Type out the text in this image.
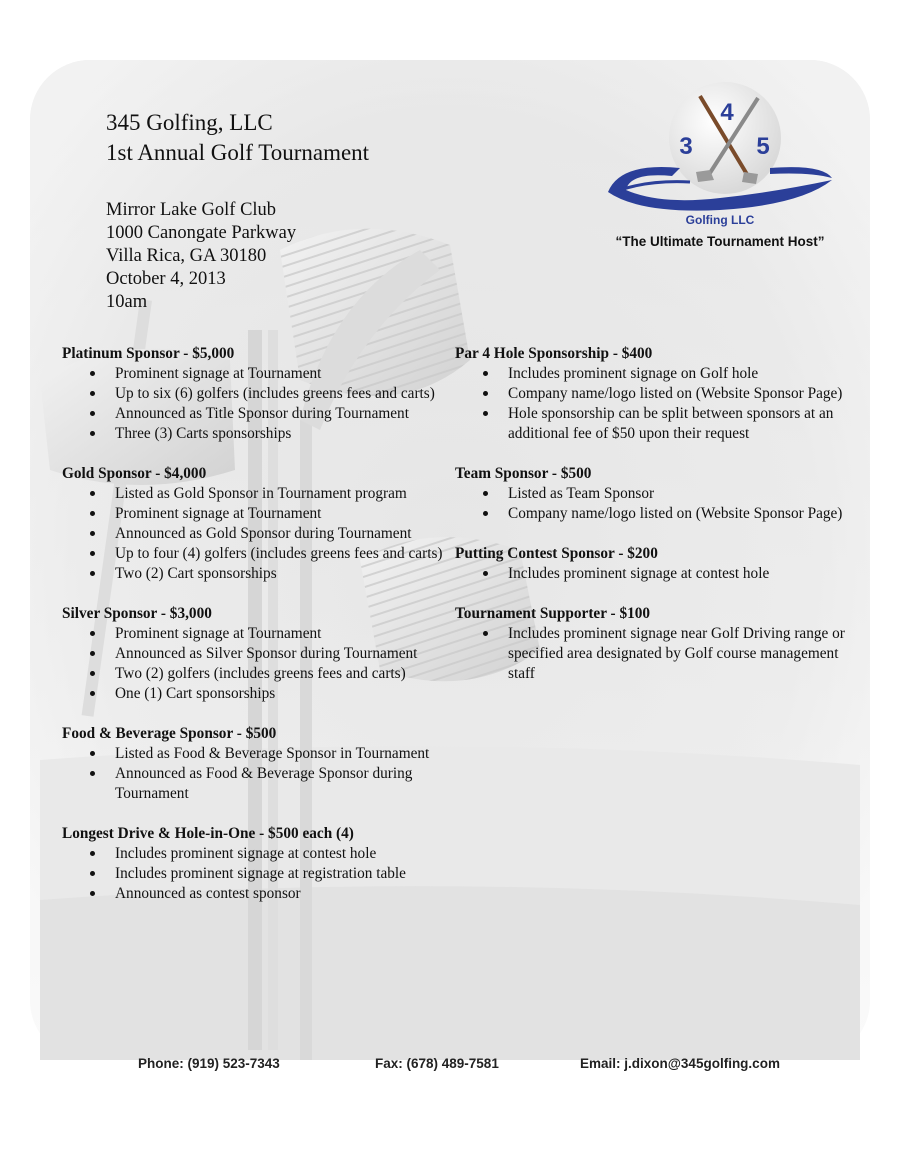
345 Golfing, LLC
1st Annual Golf Tournament
Mirror Lake Golf Club
1000 Canongate Parkway
Villa Rica, GA 30180
October 4, 2013
10am
4
3	5
Golfing LLC
“The Ultimate Tournament Host”
Platinum Sponsor - $5,000
Prominent signage at Tournament
Up to six (6) golfers (includes greens fees and carts)
Announced as Title Sponsor during Tournament
Three (3) Carts sponsorships
Gold Sponsor - $4,000
Listed as Gold Sponsor in Tournament program
Prominent signage at Tournament
Announced as Gold Sponsor during Tournament
Up to four (4) golfers (includes greens fees and carts)
Two (2) Cart sponsorships
Silver Sponsor - $3,000
Prominent signage at Tournament
Announced as Silver Sponsor during Tournament
Two (2) golfers (includes greens fees and carts)
One (1) Cart sponsorships
Food & Beverage Sponsor - $500
Listed as Food & Beverage Sponsor in Tournament
Announced as Food & Beverage Sponsor during Tournament
Longest Drive & Hole-in-One - $500 each (4)
Includes prominent signage at contest hole
Includes prominent signage at registration table
Announced as contest sponsor
Par 4 Hole Sponsorship - $400
Includes prominent signage on Golf hole
Company name/logo listed on (Website Sponsor Page)
Hole sponsorship can be split between sponsors at an additional fee of $50 upon their request
Team Sponsor - $500
Listed as Team Sponsor
Company name/logo listed on (Website Sponsor Page)
Putting Contest Sponsor - $200
Includes prominent signage at contest hole
Tournament Supporter - $100
Includes prominent signage near Golf Driving range or specified area designated by Golf course management staff
Phone: (919) 523-7343	Fax: (678) 489-7581	Email: j.dixon@345golfing.com
